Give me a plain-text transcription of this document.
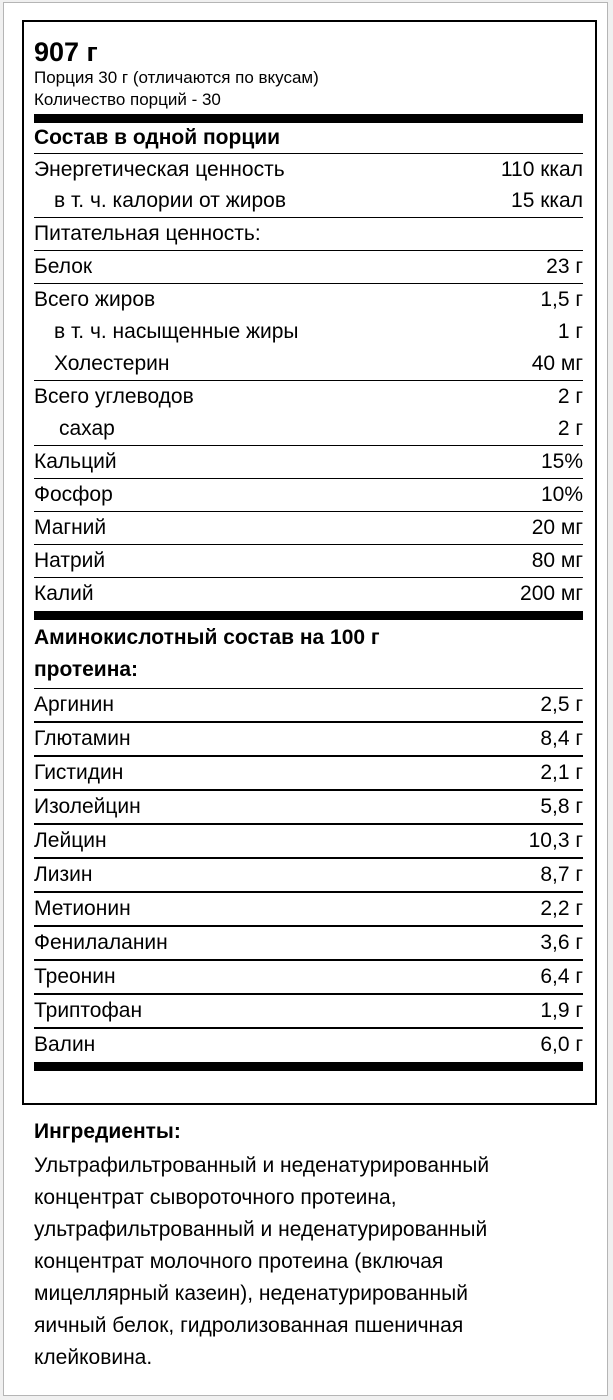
907 г
Порция 30 г (отличаются по вкусам)
Количество порций - 30
Состав в одной порции
Энергетическая ценность	110 ккал
в т. ч. калории от жиров	15 ккал
Питательная ценность:
Белок	23 г
Всего жиров	1,5 г
в т. ч. насыщенные жиры	1 г
Холестерин	40 мг
Всего углеводов	2 г
сахар	2 г
Кальций	15%
Фосфор	10%
Магний	20 мг
Натрий	80 мг
Калий	200 мг
Аминокислотный состав на 100 г
протеина:
Аргинин	2,5 г
Глютамин	8,4 г
Гистидин	2,1 г
Изолейцин	5,8 г
Лейцин	10,3 г
Лизин	8,7 г
Метионин	2,2 г
Фенилаланин	3,6 г
Треонин	6,4 г
Триптофан	1,9 г
Валин	6,0 г
Ингредиенты:
Ультрафильтрованный и неденатурированный
концентрат сывороточного протеина,
ультрафильтрованный и неденатурированный
концентрат молочного протеина (включая
мицеллярный казеин), неденатурированный
яичный белок, гидролизованная пшеничная
клейковина.
